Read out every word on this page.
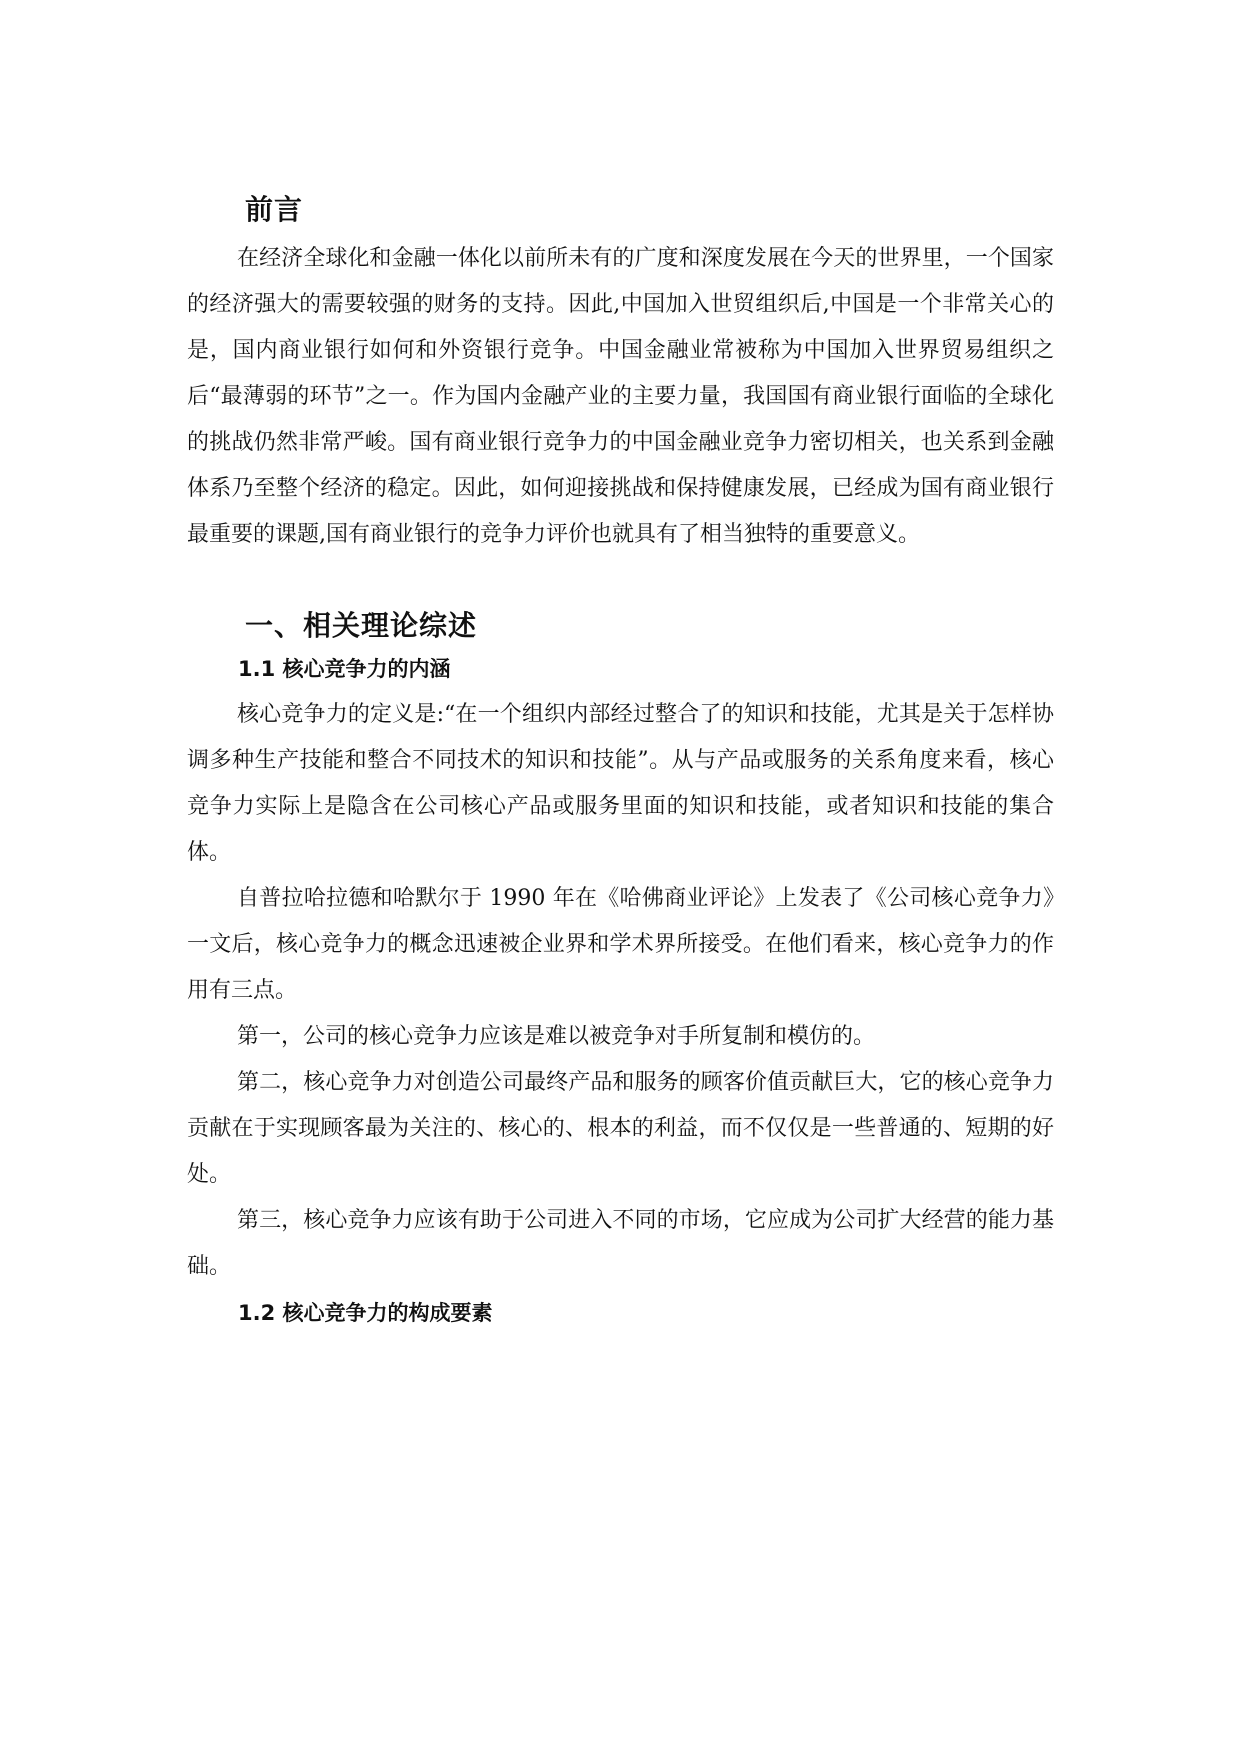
前言

在经济全球化和金融一体化以前所未有的广度和深度发展在今天的世界里，一个国家的经济强大的需要较强的财务的支持。因此,中国加入世贸组织后,中国是一个非常关心的是，国内商业银行如何和外资银行竞争。中国金融业常被称为中国加入世界贸易组织之后“最薄弱的环节”之一。作为国内金融产业的主要力量，我国国有商业银行面临的全球化的挑战仍然非常严峻。国有商业银行竞争力的中国金融业竞争力密切相关，也关系到金融体系乃至整个经济的稳定。因此，如何迎接挑战和保持健康发展，已经成为国有商业银行最重要的课题,国有商业银行的竞争力评价也就具有了相当独特的重要意义。

一、相关理论综述
1.1 核心竞争力的内涵

核心竞争力的定义是:“在一个组织内部经过整合了的知识和技能，尤其是关于怎样协调多种生产技能和整合不同技术的知识和技能”。从与产品或服务的关系角度来看，核心竞争力实际上是隐含在公司核心产品或服务里面的知识和技能，或者知识和技能的集合体。

自普拉哈拉德和哈默尔于 1990 年在《哈佛商业评论》上发表了《公司核心竞争力》一文后，核心竞争力的概念迅速被企业界和学术界所接受。在他们看来，核心竞争力的作用有三点。

第一，公司的核心竞争力应该是难以被竞争对手所复制和模仿的。

第二，核心竞争力对创造公司最终产品和服务的顾客价值贡献巨大，它的核心竞争力贡献在于实现顾客最为关注的、核心的、根本的利益，而不仅仅是一些普通的、短期的好处。

第三，核心竞争力应该有助于公司进入不同的市场，它应成为公司扩大经营的能力基础。

1.2 核心竞争力的构成要素
